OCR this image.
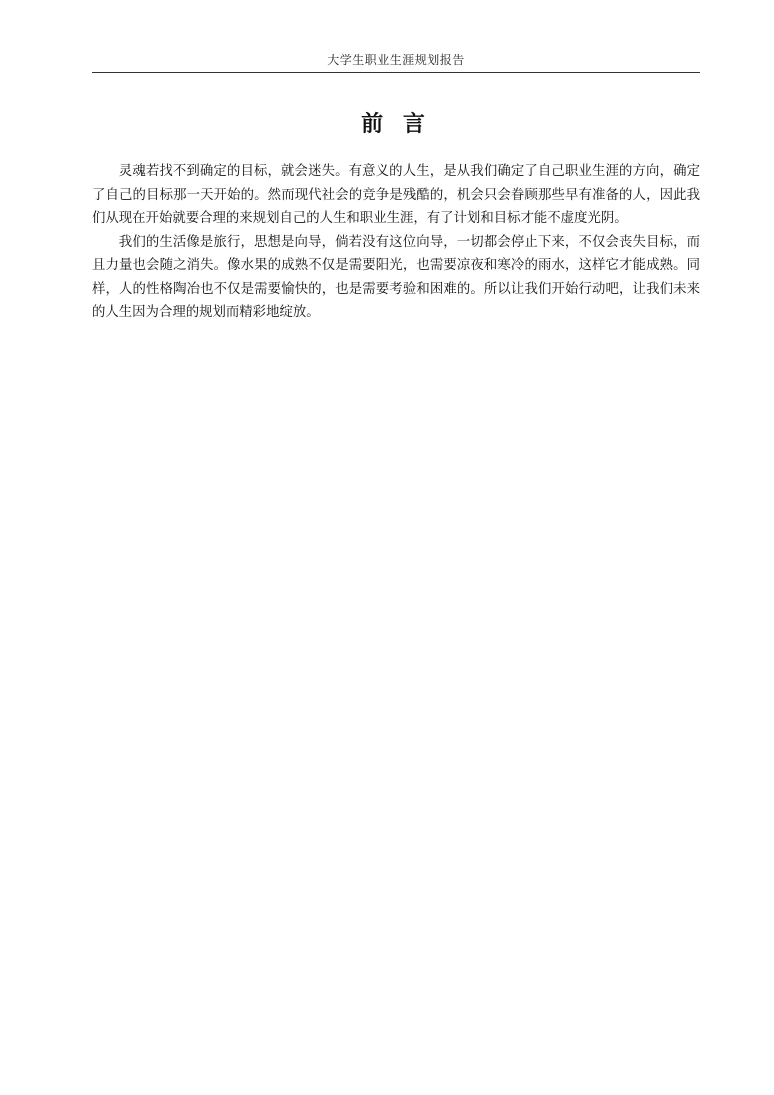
大学生职业生涯规划报告
前 言

灵魂若找不到确定的目标，就会迷失。有意义的人生，是从我们确定了自己职业生涯的方向，确定了自己的目标那一天开始的。然而现代社会的竞争是残酷的，机会只会眷顾那些早有准备的人，因此我们从现在开始就要合理的来规划自己的人生和职业生涯，有了计划和目标才能不虚度光阴。

我们的生活像是旅行，思想是向导，倘若没有这位向导，一切都会停止下来，不仅会丧失目标，而且力量也会随之消失。像水果的成熟不仅是需要阳光，也需要凉夜和寒冷的雨水，这样它才能成熟。同样，人的性格陶冶也不仅是需要愉快的，也是需要考验和困难的。所以让我们开始行动吧，让我们未来的人生因为合理的规划而精彩地绽放。
